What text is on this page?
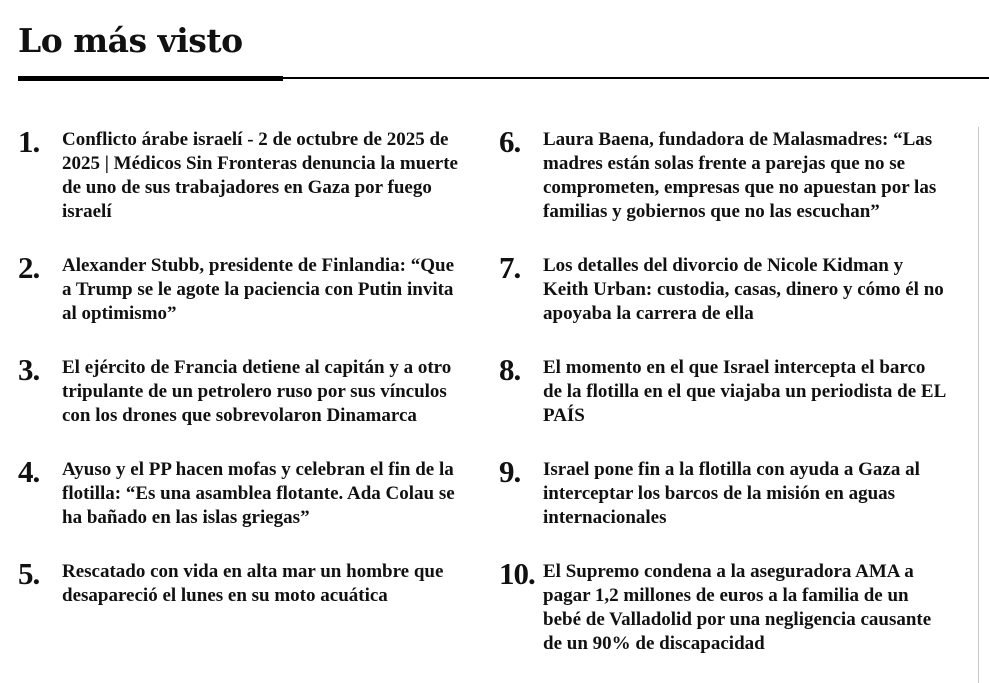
Lo más visto
1.	Conflicto árabe israelí - 2 de octubre de 2025 de 2025 | Médicos Sin Fronteras denuncia la muerte de uno de sus trabajadores en Gaza por fuego israelí
2.	Alexander Stubb, presidente de Finlandia: “Que a Trump se le agote la paciencia con Putin invita al optimismo”
3.	El ejército de Francia detiene al capitán y a otro tripulante de un petrolero ruso por sus vínculos con los drones que sobrevolaron Dinamarca
4.	Ayuso y el PP hacen mofas y celebran el fin de la flotilla: “Es una asamblea flotante. Ada Colau se ha bañado en las islas griegas”
5.	Rescatado con vida en alta mar un hombre que desapareció el lunes en su moto acuática
6.	Laura Baena, fundadora de Malasmadres: “Las madres están solas frente a parejas que no se comprometen, empresas que no apuestan por las familias y gobiernos que no las escuchan”
7.	Los detalles del divorcio de Nicole Kidman y Keith Urban: custodia, casas, dinero y cómo él no apoyaba la carrera de ella
8.	El momento en el que Israel intercepta el barco de la flotilla en el que viajaba un periodista de EL PAÍS
9.	Israel pone fin a la flotilla con ayuda a Gaza al interceptar los barcos de la misión en aguas internacionales
10. El Supremo condena a la aseguradora AMA a pagar 1,2 millones de euros a la familia de un bebé de Valladolid por una negligencia causante de un 90% de discapacidad
